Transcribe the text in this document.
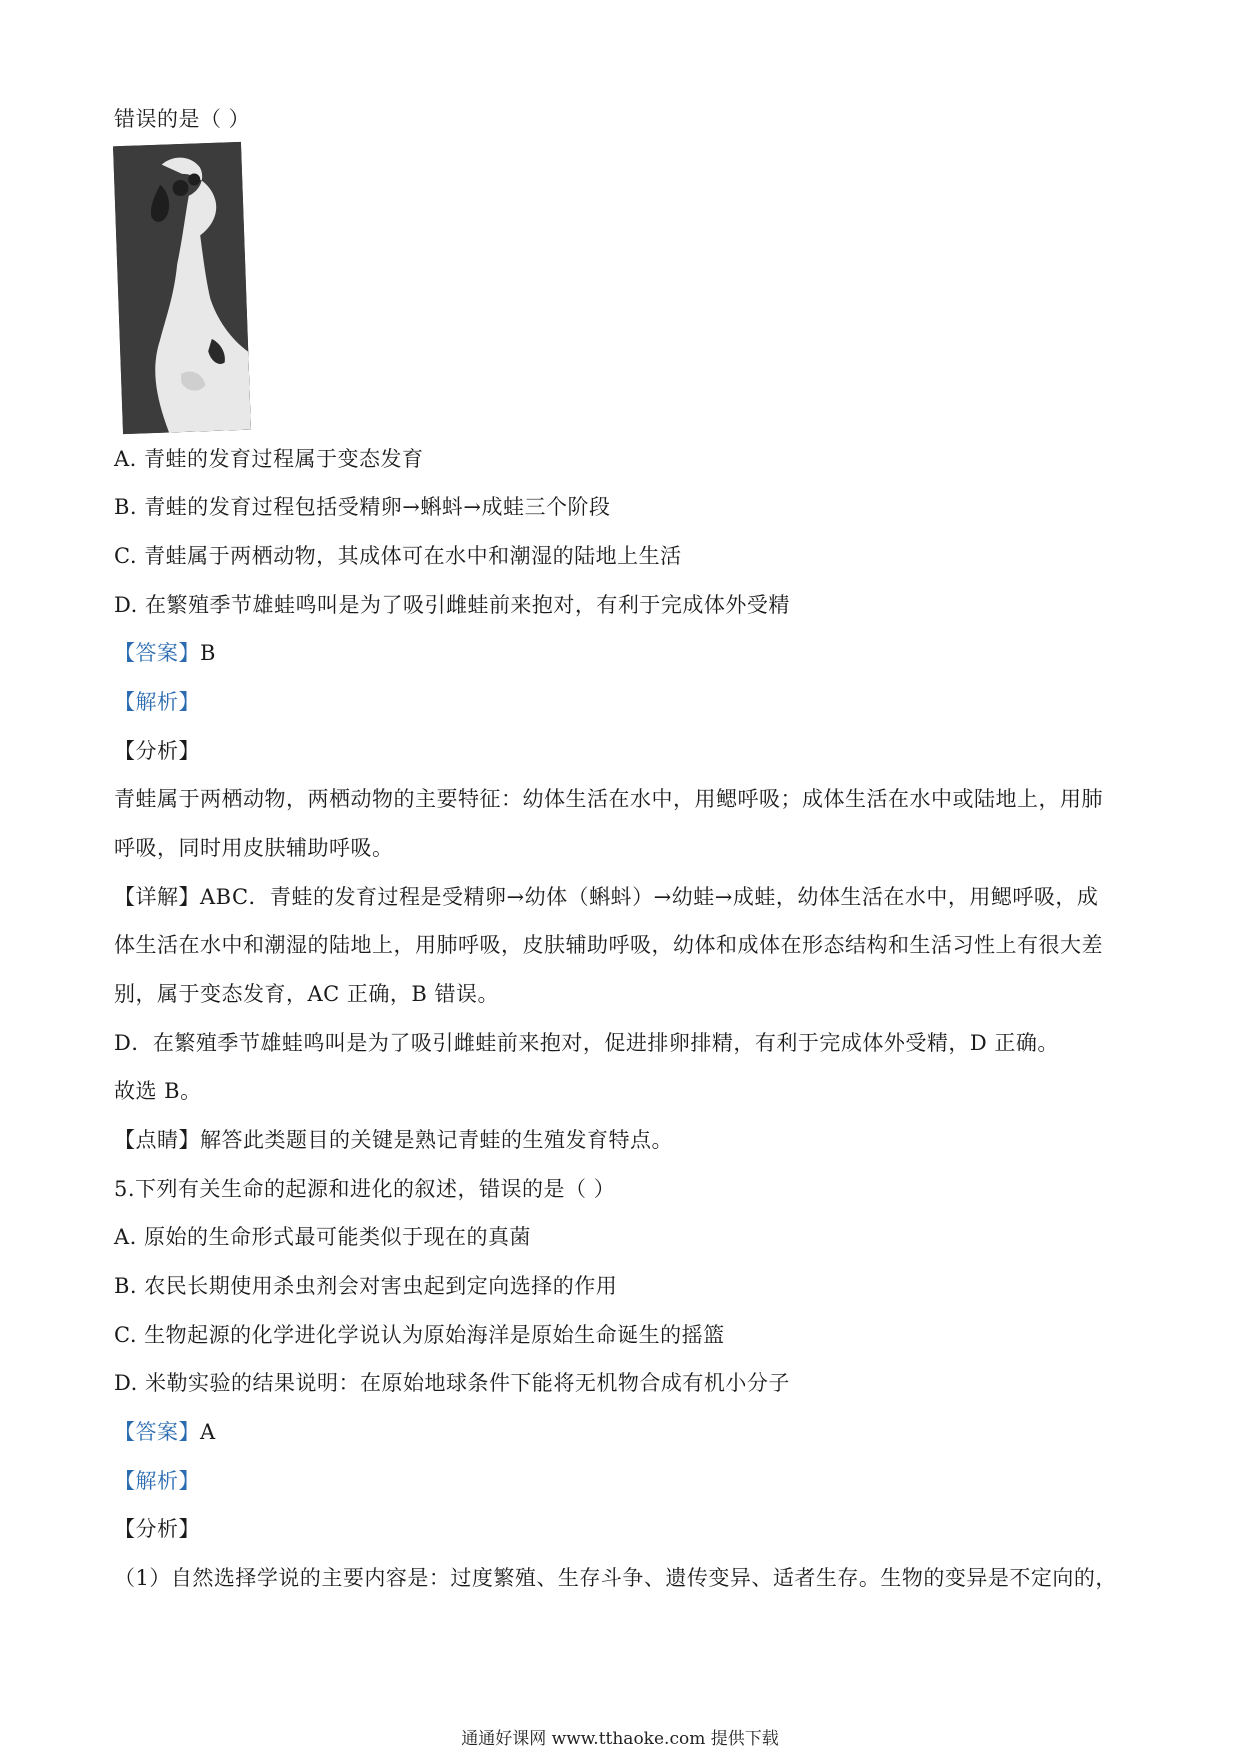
错误的是（ ）
A. 青蛙的发育过程属于变态发育
B. 青蛙的发育过程包括受精卵→蝌蚪→成蛙三个阶段
C. 青蛙属于两栖动物，其成体可在水中和潮湿的陆地上生活
D. 在繁殖季节雄蛙鸣叫是为了吸引雌蛙前来抱对，有利于完成体外受精
【答案】B
【解析】
【分析】
青蛙属于两栖动物，两栖动物的主要特征：幼体生活在水中，用鳃呼吸；成体生活在水中或陆地上，用肺
呼吸，同时用皮肤辅助呼吸。
【详解】ABC．青蛙的发育过程是受精卵→幼体（蝌蚪）→幼蛙→成蛙，幼体生活在水中，用鳃呼吸，成
体生活在水中和潮湿的陆地上，用肺呼吸，皮肤辅助呼吸，幼体和成体在形态结构和生活习性上有很大差
别，属于变态发育，AC 正确，B 错误。
D．在繁殖季节雄蛙鸣叫是为了吸引雌蛙前来抱对，促进排卵排精，有利于完成体外受精，D 正确。
故选 B。
【点睛】解答此类题目的关键是熟记青蛙的生殖发育特点。
5.下列有关生命的起源和进化的叙述，错误的是（ ）
A. 原始的生命形式最可能类似于现在的真菌
B. 农民长期使用杀虫剂会对害虫起到定向选择的作用
C. 生物起源的化学进化学说认为原始海洋是原始生命诞生的摇篮
D. 米勒实验的结果说明：在原始地球条件下能将无机物合成有机小分子
【答案】A
【解析】
【分析】
（1）自然选择学说的主要内容是：过度繁殖、生存斗争、遗传变异、适者生存。生物的变异是不定向的，
通通好课网 www.tthaoke.com 提供下载
